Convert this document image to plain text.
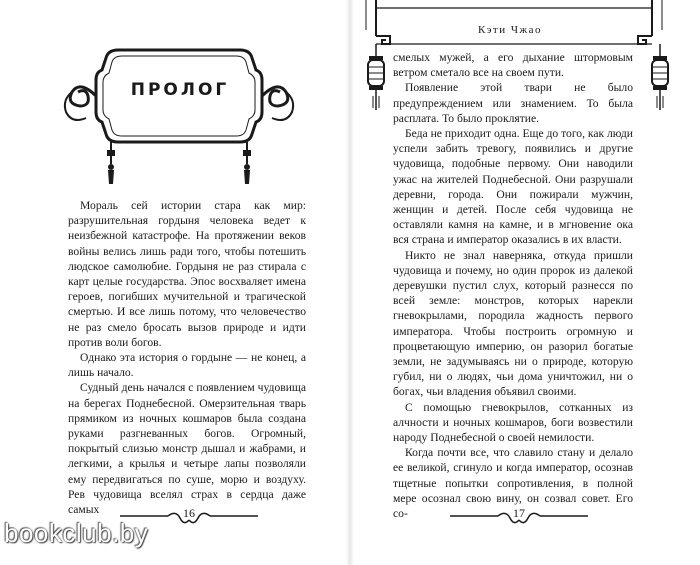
ПРОЛОГ

Мораль сей истории стара как мир: разрушительная гордыня человека ведет к неизбежной катастрофе. На протяжении веков войны велись лишь ради того, чтобы потешить людское самолюбие. Гордыня не раз стирала с карт целые государства. Эпос восхваляет имена героев, погибших мучительной и трагической смертью. И все лишь потому, что человечество не раз смело бросать вызов природе и идти против воли богов.

Однако эта история о гордыне — не конец, а лишь начало.

Судный день начался с появлением чудовища на берегах Поднебесной. Омерзительная тварь прямиком из ночных кошмаров была создана руками разгневанных богов. Огромный, покрытый слизью монстр дышал и жабрами, и легкими, а крылья и четыре лапы позволяли ему передвигаться по суше, морю и воздуху. Рев чудовища вселял страх в сердца даже самых	16
Кэти Чжао

смелых мужей, а его дыхание штормовым ветром сметало все на своем пути.

Появление этой твари не было предупреждением или знамением. То была расплата. То было проклятие.

Беда не приходит одна. Еще до того, как люди успели забить тревогу, появились и другие чудовища, подобные первому. Они наводили ужас на жителей Поднебесной. Они разрушали деревни, города. Они пожирали мужчин, женщин и детей. После себя чудовища не оставляли камня на камне, и в мгновение ока вся страна и император оказались в их власти.

Никто не знал наверняка, откуда пришли чудовища и почему, но один пророк из далекой деревушки пустил слух, который разнесся по всей земле: монстров, которых нарекли гневокрылами, породила жадность первого императора. Чтобы построить огромную и процветающую империю, он разорил богатые земли, не задумываясь ни о природе, которую губил, ни о людях, чьи дома уничтожил, ни о богах, чьи владения объявил своими.

С помощью гневокрылов, сотканных из алчности и ночных кошмаров, боги возвестили народу Поднебесной о своей немилости.

Когда почти все, что славило стану и делало ее великой, сгинуло и когда император, осознав тщетные попытки сопротивления, в полной мере осознал свою вину, он созвал совет. Его со-	17
bookclub.by
